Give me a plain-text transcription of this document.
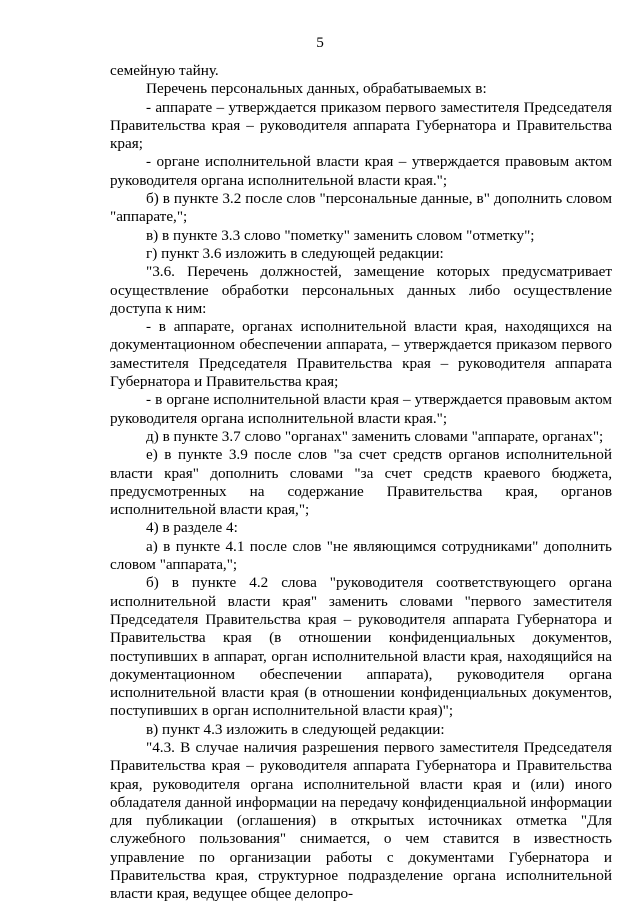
5

семейную тайну.

Перечень персональных данных, обрабатываемых в:

- аппарате – утверждается приказом первого заместителя Председателя Правительства края – руководителя аппарата Губернатора и Правительства края;

- органе исполнительной власти края – утверждается правовым актом руководителя органа исполнительной власти края.";

б) в пункте 3.2 после слов "персональные данные, в" дополнить словом "аппарате,";

в) в пункте 3.3 слово "пометку" заменить словом "отметку";

г) пункт 3.6 изложить в следующей редакции:

"3.6. Перечень должностей, замещение которых предусматривает осуществление обработки персональных данных либо осуществление доступа к ним:

- в аппарате, органах исполнительной власти края, находящихся на документационном обеспечении аппарата, – утверждается приказом первого заместителя Председателя Правительства края – руководителя аппарата Губернатора и Правительства края;

- в органе исполнительной власти края – утверждается правовым актом руководителя органа исполнительной власти края.";

д) в пункте 3.7 слово "органах" заменить словами "аппарате, органах";

е) в пункте 3.9 после слов "за счет средств органов исполнительной власти края" дополнить словами "за счет средств краевого бюджета, предусмотренных на содержание Правительства края, органов исполнительной власти края,";

4) в разделе 4:

а) в пункте 4.1 после слов "не являющимся сотрудниками" дополнить словом "аппарата,";

б) в пункте 4.2 слова "руководителя соответствующего органа исполнительной власти края" заменить словами "первого заместителя Председателя Правительства края – руководителя аппарата Губернатора и Правительства края (в отношении конфиденциальных документов, поступивших в аппарат, орган исполнительной власти края, находящийся на документационном обеспечении аппарата), руководителя органа исполнительной власти края (в отношении конфиденциальных документов, поступивших в орган исполнительной власти края)";

в) пункт 4.3 изложить в следующей редакции:

"4.3. В случае наличия разрешения первого заместителя Председателя Правительства края – руководителя аппарата Губернатора и Правительства края, руководителя органа исполнительной власти края и (или) иного обладателя данной информации на передачу конфиденциальной информации для публикации (оглашения) в открытых источниках отметка "Для служебного пользования" снимается, о чем ставится в известность управление по организации работы с документами Губернатора и Правительства края, структурное подразделение органа исполнительной власти края, ведущее общее делопро-
